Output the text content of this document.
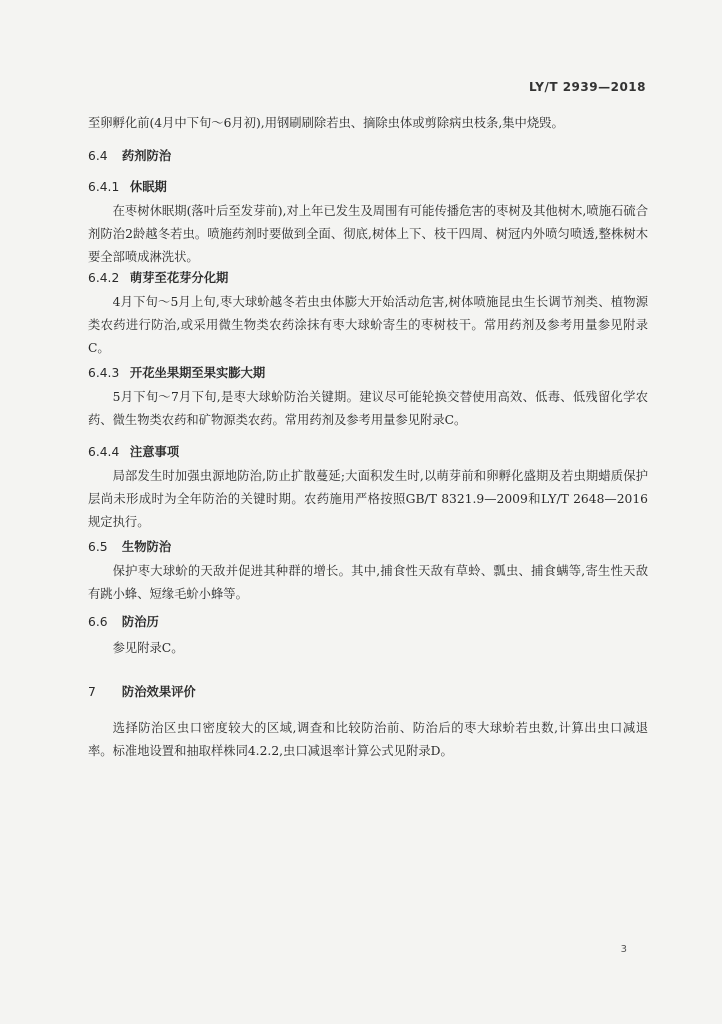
LY/T 2939—2018

至卵孵化前(4月中下旬～6月初),用钢刷刷除若虫、摘除虫体或剪除病虫枝条,集中烧毁。

6.4 药剂防治
6.4.1 休眠期

在枣树休眠期(落叶后至发芽前),对上年已发生及周围有可能传播危害的枣树及其他树木,喷施石硫合剂防治2龄越冬若虫。喷施药剂时要做到全面、彻底,树体上下、枝干四周、树冠内外喷匀喷透,整株树木要全部喷成淋洗状。

6.4.2 萌芽至花芽分化期

4月下旬～5月上旬,枣大球蚧越冬若虫虫体膨大开始活动危害,树体喷施昆虫生长调节剂类、植物源类农药进行防治,或采用微生物类农药涂抹有枣大球蚧寄生的枣树枝干。常用药剂及参考用量参见附录C。

6.4.3 开花坐果期至果实膨大期

5月下旬～7月下旬,是枣大球蚧防治关键期。建议尽可能轮换交替使用高效、低毒、低残留化学农药、微生物类农药和矿物源类农药。常用药剂及参考用量参见附录C。

6.4.4 注意事项

局部发生时加强虫源地防治,防止扩散蔓延;大面积发生时,以萌芽前和卵孵化盛期及若虫期蜡质保护层尚未形成时为全年防治的关键时期。农药施用严格按照GB/T 8321.9—2009和LY/T 2648—2016规定执行。

6.5 生物防治

保护枣大球蚧的天敌并促进其种群的增长。其中,捕食性天敌有草蛉、瓢虫、捕食螨等,寄生性天敌有跳小蜂、短缘毛蚧小蜂等。

6.6 防治历

参见附录C。

7 防治效果评价

选择防治区虫口密度较大的区域,调查和比较防治前、防治后的枣大球蚧若虫数,计算出虫口减退率。标准地设置和抽取样株同4.2.2,虫口减退率计算公式见附录D。

3
